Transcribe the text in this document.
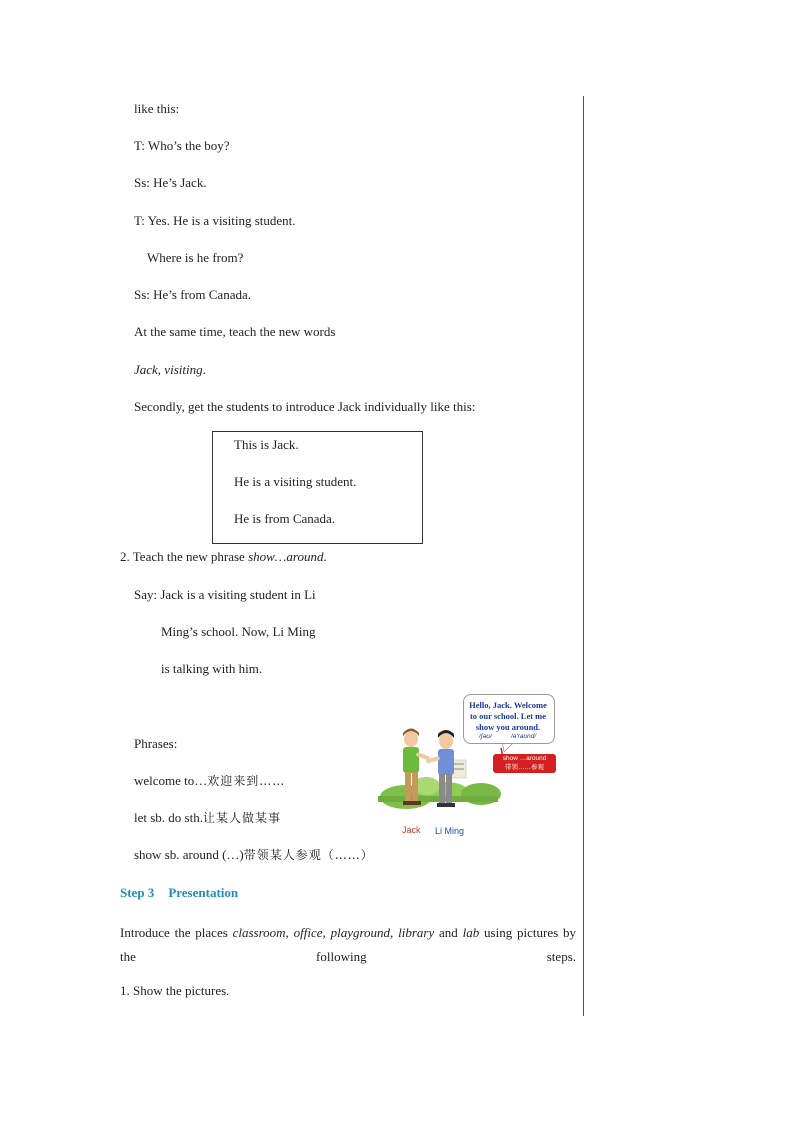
like this:
T: Who’s the boy?
Ss: He’s Jack.
T: Yes. He is a visiting student.
Where is he from?
Ss: He’s from Canada.
At the same time, teach the new words
Jack, visiting.
Secondly, get the students to introduce Jack individually like this:
This is Jack.
He is a visiting student.
He is from Canada.
2. Teach the new phrase show…around.
Say: Jack is a visiting student in Li
Ming’s school. Now, Li Ming
is talking with him.
Phrases:
welcome to…欢迎来到……
let sb. do sth.让某人做某事
show sb. around (…)带领某人参观（……）
Hello, Jack. Welcome to our school. Let me show you around.
/ʃəʊ/	/ə'raʊnd/
show …around
带领……参观
Jack Li Ming
Step 3 Presentation
Introduce the places classroom, office, playground, library and lab using pictures by the following steps.
1. Show the pictures.
